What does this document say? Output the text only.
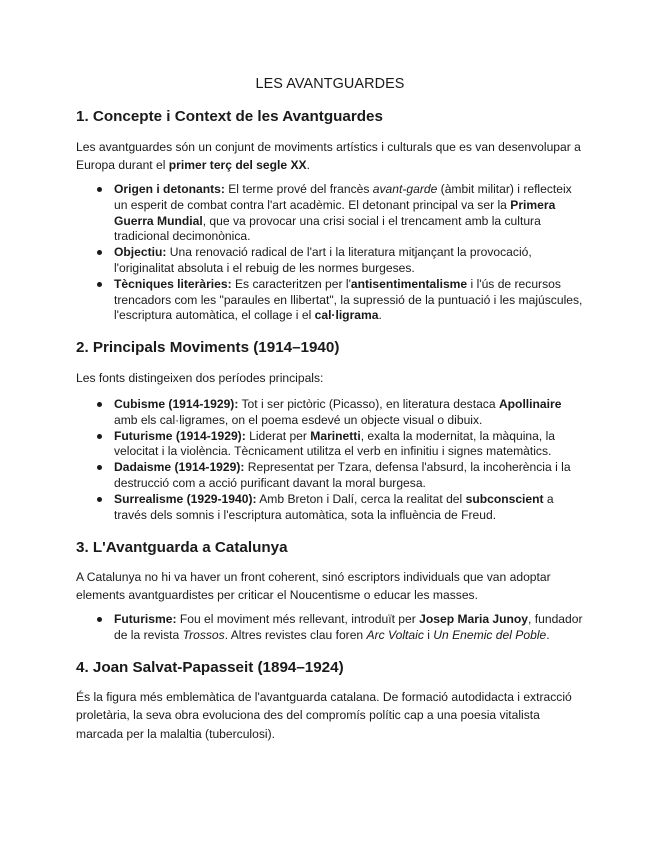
LES AVANTGUARDES
1. Concepte i Context de les Avantguardes

Les avantguardes són un conjunt de moviments artístics i culturals que es van desenvolupar a Europa durant el primer terç del segle XX.

Origen i detonants: El terme prové del francès avant-garde (àmbit militar) i reflecteix un esperit de combat contra l'art acadèmic. El detonant principal va ser la Primera Guerra Mundial, que va provocar una crisi social i el trencament amb la cultura tradicional decimonònica.
Objectiu: Una renovació radical de l'art i la literatura mitjançant la provocació, l'originalitat absoluta i el rebuig de les normes burgeses.
Tècniques literàries: Es caracteritzen per l'antisentimentalisme i l'ús de recursos trencadors com les "paraules en llibertat", la supressió de la puntuació i les majúscules, l'escriptura automàtica, el collage i el cal·ligrama.
2. Principals Moviments (1914–1940)

Les fonts distingeixen dos períodes principals:

Cubisme (1914-1929): Tot i ser pictòric (Picasso), en literatura destaca Apollinaire amb els cal·ligrames, on el poema esdevé un objecte visual o dibuix.
Futurisme (1914-1929): Liderat per Marinetti, exalta la modernitat, la màquina, la velocitat i la violència. Tècnicament utilitza el verb en infinitiu i signes matemàtics.
Dadaisme (1914-1929): Representat per Tzara, defensa l'absurd, la incoherència i la destrucció com a acció purificant davant la moral burgesa.
Surrealisme (1929-1940): Amb Breton i Dalí, cerca la realitat del subconscient a través dels somnis i l'escriptura automàtica, sota la influència de Freud.
3. L'Avantguarda a Catalunya

A Catalunya no hi va haver un front coherent, sinó escriptors individuals que van adoptar elements avantguardistes per criticar el Noucentisme o educar les masses.

Futurisme: Fou el moviment més rellevant, introduït per Josep Maria Junoy, fundador de la revista Trossos. Altres revistes clau foren Arc Voltaic i Un Enemic del Poble.
4. Joan Salvat-Papasseit (1894–1924)

És la figura més emblemàtica de l'avantguarda catalana. De formació autodidacta i extracció proletària, la seva obra evoluciona des del compromís polític cap a una poesia vitalista marcada per la malaltia (tuberculosi).
